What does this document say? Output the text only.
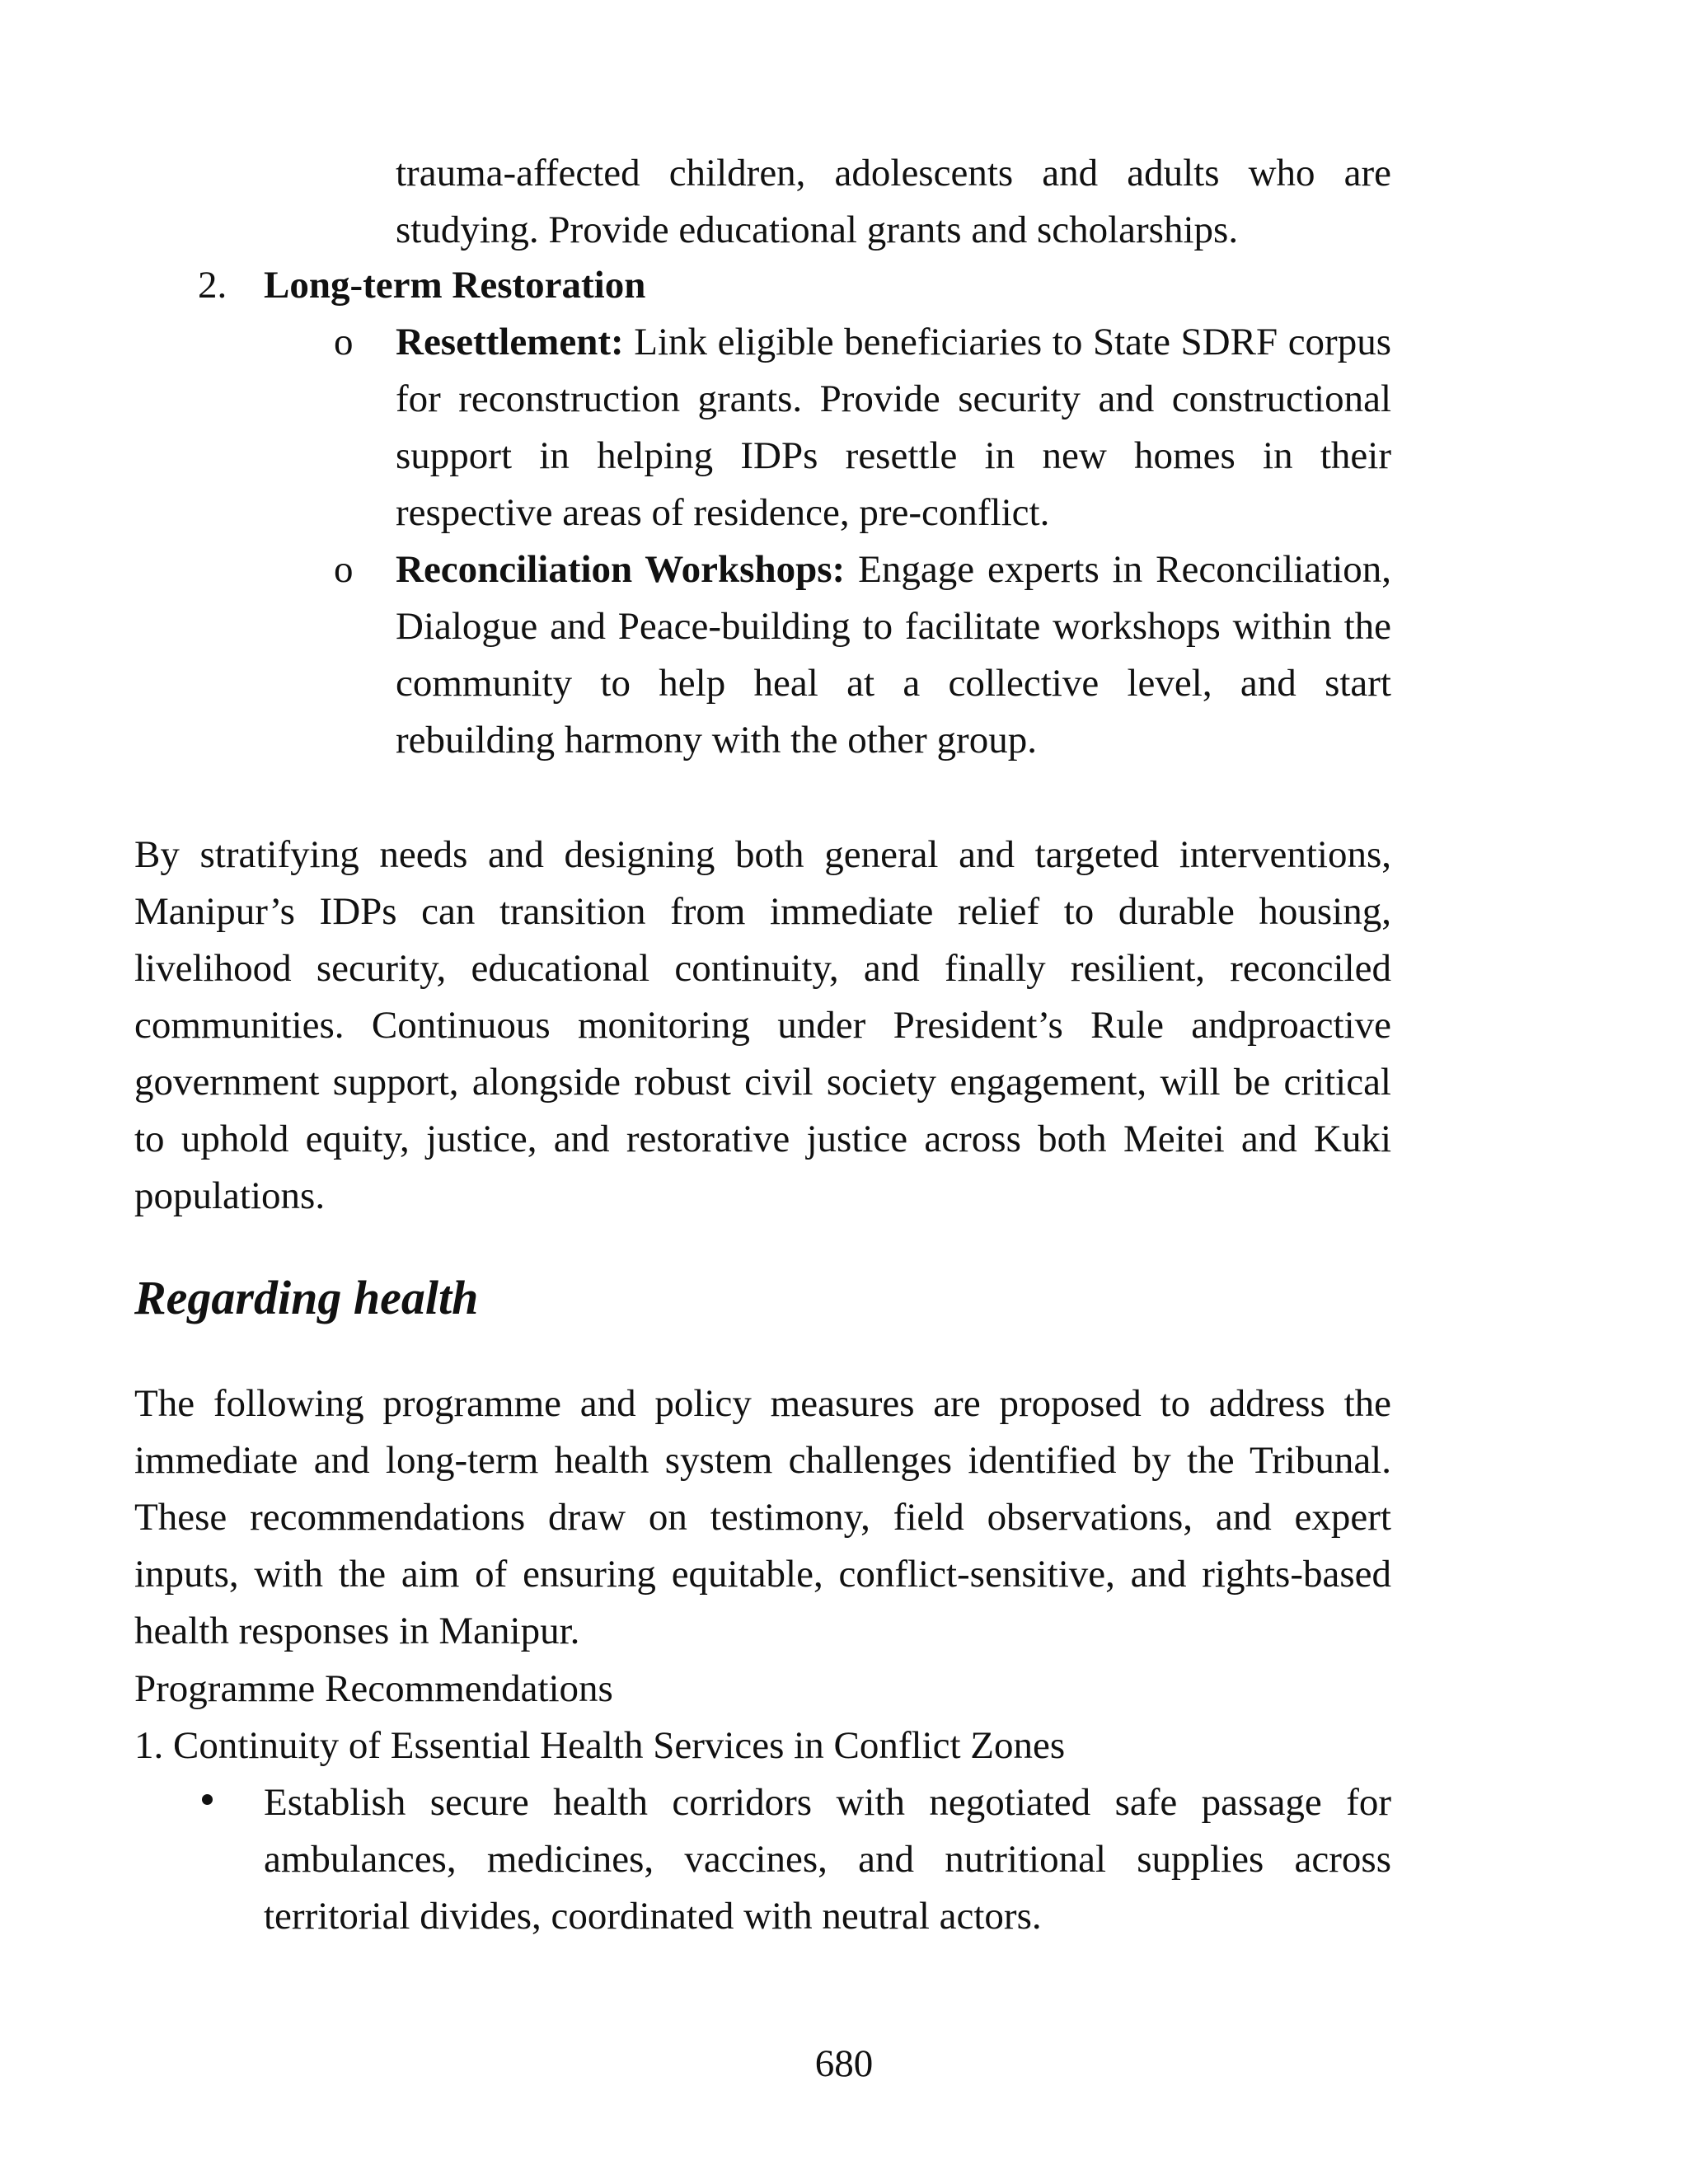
trauma-affected children, adolescents and adults who are studying. Provide educational grants and scholarships.
2. Long-term Restoration
o Resettlement: Link eligible beneficiaries to State SDRF corpus for reconstruction grants. Provide security and constructional support in helping IDPs resettle in new homes in their respective areas of residence, pre-conflict.
o Reconciliation Workshops: Engage experts in Reconciliation, Dialogue and Peace-building to facilitate workshops within the community to help heal at a collective level, and start rebuilding harmony with the other group.
By stratifying needs and designing both general and targeted interventions, Manipur’s IDPs can transition from immediate relief to durable housing, livelihood security, educational continuity, and finally resilient, reconciled communities. Continuous monitoring under President’s Rule andproactive government support, alongside robust civil society engagement, will be critical to uphold equity, justice, and restorative justice across both Meitei and Kuki populations.
Regarding health
The following programme and policy measures are proposed to address the immediate and long-term health system challenges identified by the Tribunal. These recommendations draw on testimony, field observations, and expert inputs, with the aim of ensuring equitable, conflict-sensitive, and rights-based health responses in Manipur.
Programme Recommendations
1. Continuity of Essential Health Services in Conflict Zones
Establish secure health corridors with negotiated safe passage for ambulances, medicines, vaccines, and nutritional supplies across territorial divides, coordinated with neutral actors.
680
